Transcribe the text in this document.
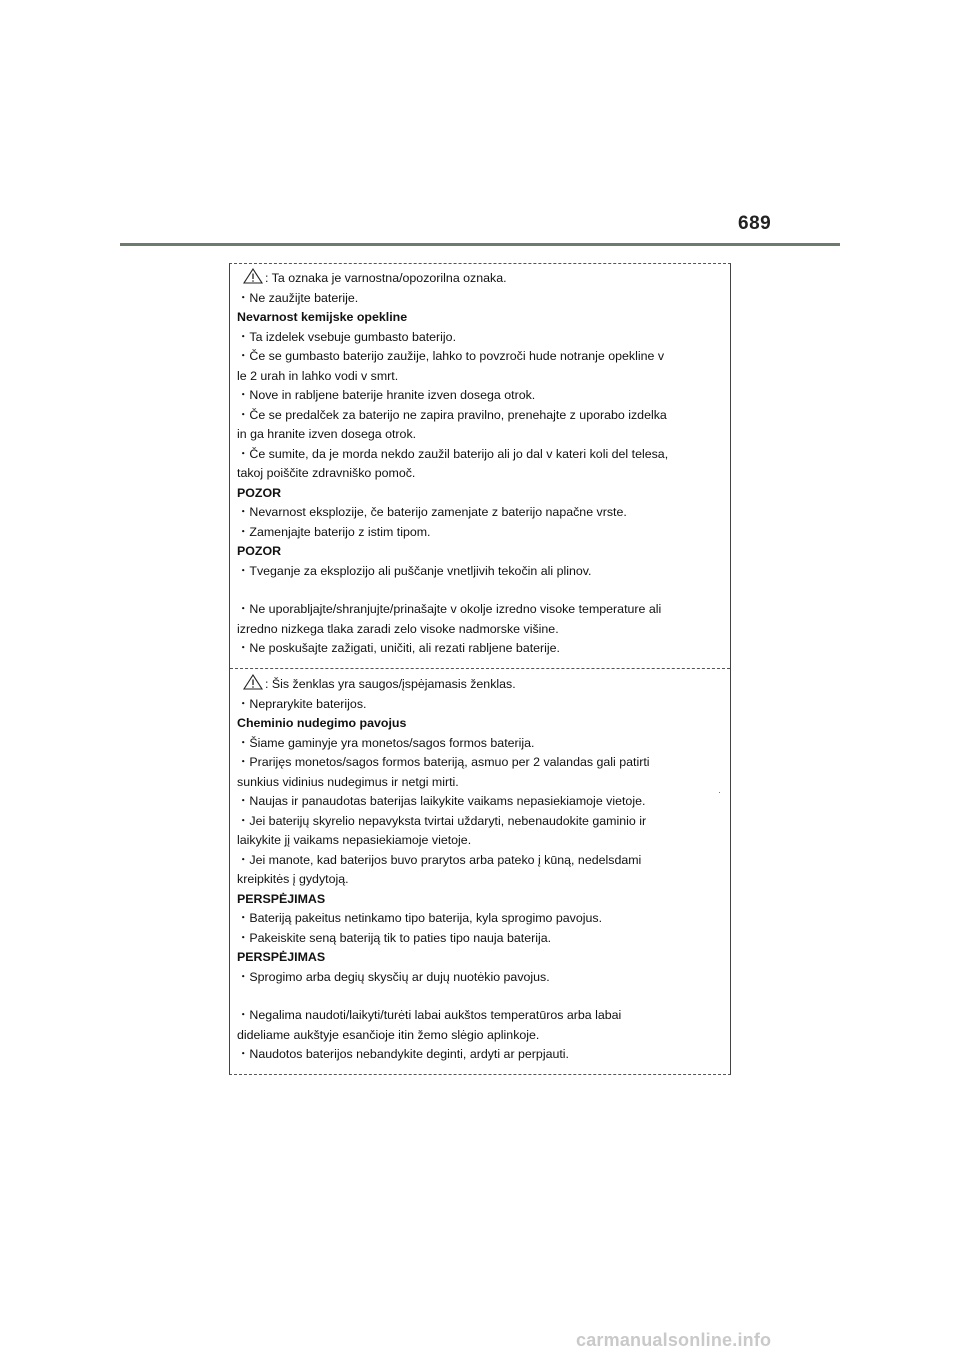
689
: Ta oznaka je varnostna/opozorilna oznaka.
・Ne zaužijte baterije.
Nevarnost kemijske opekline
・Ta izdelek vsebuje gumbasto baterijo.
・Če se gumbasto baterijo zaužije, lahko to povzroči hude notranje opekline v
le 2 urah in lahko vodi v smrt.
・Nove in rabljene baterije hranite izven dosega otrok.
・Če se predalček za baterijo ne zapira pravilno, prenehajte z uporabo izdelka
in ga hranite izven dosega otrok.
・Če sumite, da je morda nekdo zaužil baterijo ali jo dal v kateri koli del telesa,
takoj poiščite zdravniško pomoč.
POZOR
・Nevarnost eksplozije, če baterijo zamenjate z baterijo napačne vrste.
・Zamenjajte baterijo z istim tipom.
POZOR
・Tveganje za eksplozijo ali puščanje vnetljivih tekočin ali plinov.
・Ne uporabljajte/shranjujte/prinašajte v okolje izredno visoke temperature ali
izredno nizkega tlaka zaradi zelo visoke nadmorske višine.
・Ne poskušajte zažigati, uničiti, ali rezati rabljene baterije.
: Šis ženklas yra saugos/įspėjamasis ženklas.
・Neprarykite baterijos.
Cheminio nudegimo pavojus
・Šiame gaminyje yra monetos/sagos formos baterija.
・Prarijęs monetos/sagos formos bateriją, asmuo per 2 valandas gali patirti
sunkius vidinius nudegimus ir netgi mirti.
・Naujas ir panaudotas baterijas laikykite vaikams nepasiekiamoje vietoje.
・Jei baterijų skyrelio nepavyksta tvirtai uždaryti, nebenaudokite gaminio ir
laikykite jį vaikams nepasiekiamoje vietoje.
・Jei manote, kad baterijos buvo prarytos arba pateko į kūną, nedelsdami
kreipkitės į gydytoją.
PERSPĖJIMAS
・Bateriją pakeitus netinkamo tipo baterija, kyla sprogimo pavojus.
・Pakeiskite seną bateriją tik to paties tipo nauja baterija.
PERSPĖJIMAS
・Sprogimo arba degių skysčių ar dujų nuotėkio pavojus.
・Negalima naudoti/laikyti/turėti labai aukštos temperatūros arba labai
dideliame aukštyje esančioje itin žemo slėgio aplinkoje.
・Naudotos baterijos nebandykite deginti, ardyti ar perpjauti.
carmanualsonline.info
